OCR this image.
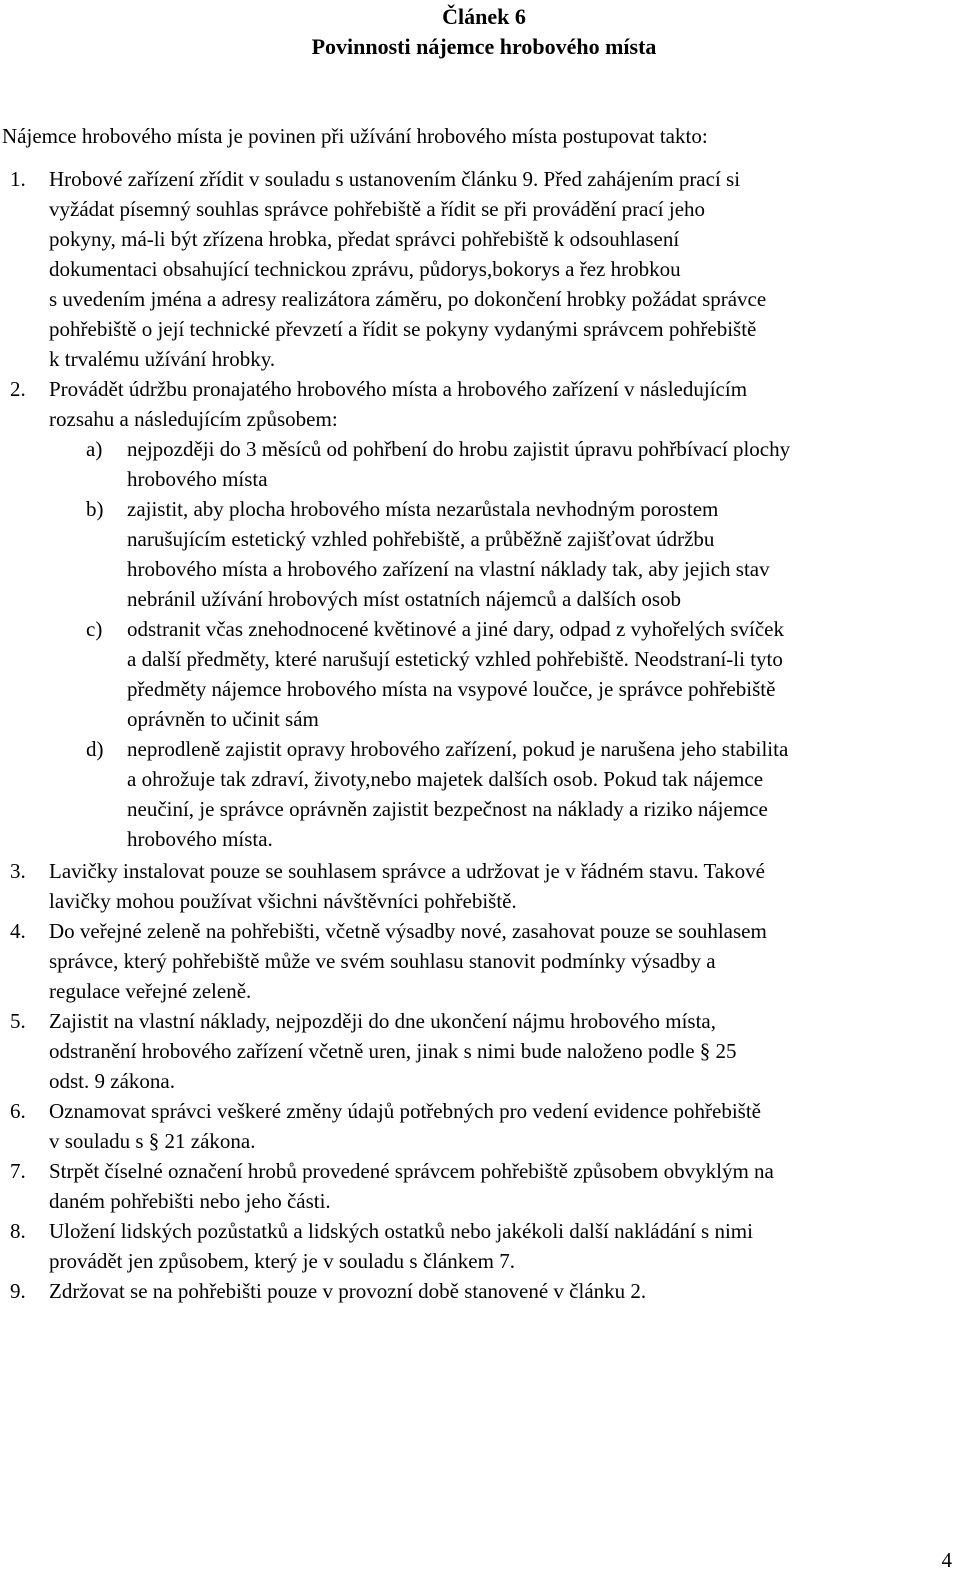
Článek 6
Povinnosti nájemce hrobového místa
Nájemce hrobového místa je povinen při užívání hrobového místa postupovat takto:
1. Hrobové zařízení zřídit v souladu s ustanovením článku 9. Před zahájením prací si
vyžádat písemný souhlas správce pohřebiště a řídit se při provádění prací jeho
pokyny, má-li být zřízena hrobka, předat správci pohřebiště k odsouhlasení
dokumentaci obsahující technickou zprávu, půdorys,bokorys a řez hrobkou
s uvedením jména a adresy realizátora záměru, po dokončení hrobky požádat správce
pohřebiště o její technické převzetí a řídit se pokyny vydanými správcem pohřebiště
k trvalému užívání hrobky.
2. Provádět údržbu pronajatého hrobového místa a hrobového zařízení v následujícím
rozsahu a následujícím způsobem:
a) nejpozději do 3 měsíců od pohřbení do hrobu zajistit úpravu pohřbívací plochy
hrobového místa
b) zajistit, aby plocha hrobového místa nezarůstala nevhodným porostem
narušujícím estetický vzhled pohřebiště, a průběžně zajišťovat údržbu
hrobového místa a hrobového zařízení na vlastní náklady tak, aby jejich stav
nebránil užívání hrobových míst ostatních nájemců a dalších osob
c) odstranit včas znehodnocené květinové a jiné dary, odpad z vyhořelých svíček
a další předměty, které narušují estetický vzhled pohřebiště. Neodstraní-li tyto
předměty nájemce hrobového místa na vsypové loučce, je správce pohřebiště
oprávněn to učinit sám
d) neprodleně zajistit opravy hrobového zařízení, pokud je narušena jeho stabilita
a ohrožuje tak zdraví, životy,nebo majetek dalších osob. Pokud tak nájemce
neučiní, je správce oprávněn zajistit bezpečnost na náklady a riziko nájemce
hrobového místa.
3. Lavičky instalovat pouze se souhlasem správce a udržovat je v řádném stavu. Takové
lavičky mohou používat všichni návštěvníci pohřebiště.
4. Do veřejné zeleně na pohřebišti, včetně výsadby nové, zasahovat pouze se souhlasem
správce, který pohřebiště může ve svém souhlasu stanovit podmínky výsadby a
regulace veřejné zeleně.
5. Zajistit na vlastní náklady, nejpozději do dne ukončení nájmu hrobového místa,
odstranění hrobového zařízení včetně uren, jinak s nimi bude naloženo podle § 25
odst. 9 zákona.
6. Oznamovat správci veškeré změny údajů potřebných pro vedení evidence pohřebiště
v souladu s § 21 zákona.
7. Strpět číselné označení hrobů provedené správcem pohřebiště způsobem obvyklým na
daném pohřebišti nebo jeho části.
8. Uložení lidských pozůstatků a lidských ostatků nebo jakékoli další nakládání s nimi
provádět jen způsobem, který je v souladu s článkem 7.
9. Zdržovat se na pohřebišti pouze v provozní době stanovené v článku 2.
4
